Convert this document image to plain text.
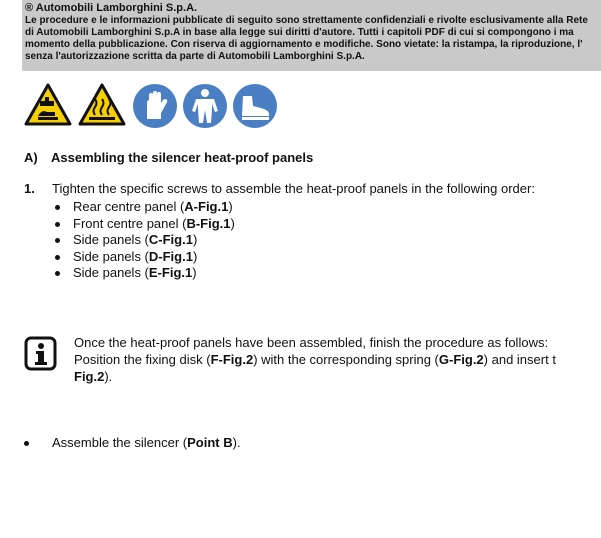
® Automobili Lamborghini S.p.A.
Le procedure e le informazioni pubblicate di seguito sono strettamente confidenziali e rivolte esclusivamente alla Rete
di Automobili Lamborghini S.p.A in base alla legge sui diritti d'autore. Tutti i capitoli PDF di cui si compongono i ma
momento della pubblicazione. Con riserva di aggiornamento e modifiche. Sono vietate: la ristampa, la riproduzione, l'
senza l'autorizzazione scritta da parte di Automobili Lamborghini S.p.A.
A) Assembling the silencer heat-proof panels
1. Tighten the specific screws to assemble the heat-proof panels in the following order:
Rear centre panel (A-Fig.1)
Front centre panel (B-Fig.1)
Side panels (C-Fig.1)
Side panels (D-Fig.1)
Side panels (E-Fig.1)
Once the heat-proof panels have been assembled, finish the procedure as follows:
Position the fixing disk (F-Fig.2) with the corresponding spring (G-Fig.2) and insert t
Fig.2).
Assemble the silencer (Point B).
